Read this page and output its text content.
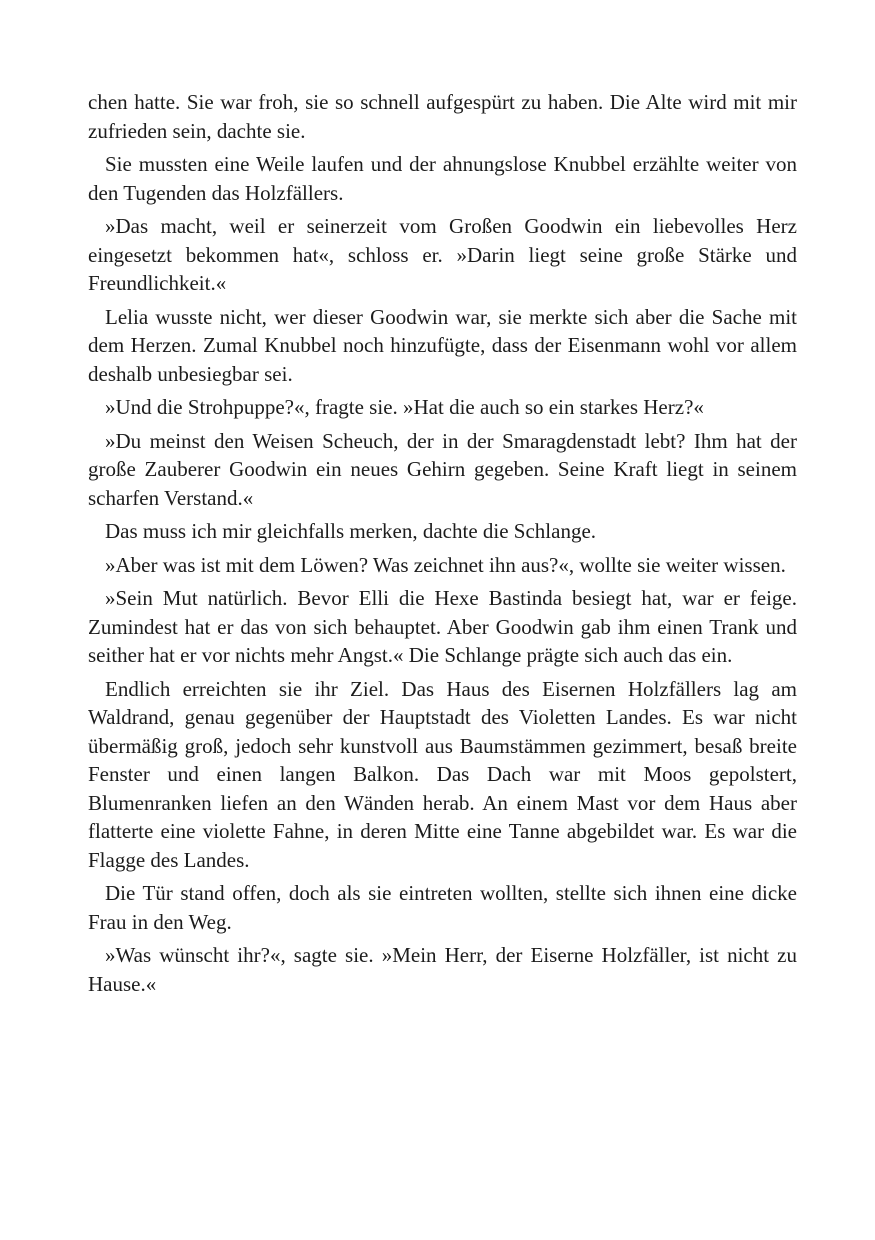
chen hatte. Sie war froh, sie so schnell aufgespürt zu haben. Die Alte wird mit mir zufrieden sein, dachte sie.

Sie mussten eine Weile laufen und der ahnungslose Knubbel erzählte weiter von den Tugenden das Holzfällers.

»Das macht, weil er seinerzeit vom Großen Goodwin ein liebevolles Herz eingesetzt bekommen hat«, schloss er. »Darin liegt seine große Stärke und Freundlichkeit.«

Lelia wusste nicht, wer dieser Goodwin war, sie merkte sich aber die Sache mit dem Herzen. Zumal Knubbel noch hinzufügte, dass der Eisenmann wohl vor allem deshalb unbesiegbar sei.

»Und die Strohpuppe?«, fragte sie. »Hat die auch so ein starkes Herz?«

»Du meinst den Weisen Scheuch, der in der Smaragdenstadt lebt? Ihm hat der große Zauberer Goodwin ein neues Gehirn gegeben. Seine Kraft liegt in seinem scharfen Verstand.«

Das muss ich mir gleichfalls merken, dachte die Schlange.

»Aber was ist mit dem Löwen? Was zeichnet ihn aus?«, wollte sie weiter wissen.

»Sein Mut natürlich. Bevor Elli die Hexe Bastinda besiegt hat, war er feige. Zumindest hat er das von sich behauptet. Aber Goodwin gab ihm einen Trank und seither hat er vor nichts mehr Angst.« Die Schlange prägte sich auch das ein.

Endlich erreichten sie ihr Ziel. Das Haus des Eisernen Holzfällers lag am Waldrand, genau gegenüber der Hauptstadt des Violetten Landes. Es war nicht übermäßig groß, jedoch sehr kunstvoll aus Baumstämmen gezimmert, besaß breite Fenster und einen langen Balkon. Das Dach war mit Moos gepolstert, Blumenranken liefen an den Wänden herab. An einem Mast vor dem Haus aber flatterte eine violette Fahne, in deren Mitte eine Tanne abgebildet war. Es war die Flagge des Landes.

Die Tür stand offen, doch als sie eintreten wollten, stellte sich ihnen eine dicke Frau in den Weg.

»Was wünscht ihr?«, sagte sie. »Mein Herr, der Eiserne Holzfäller, ist nicht zu Hause.«
